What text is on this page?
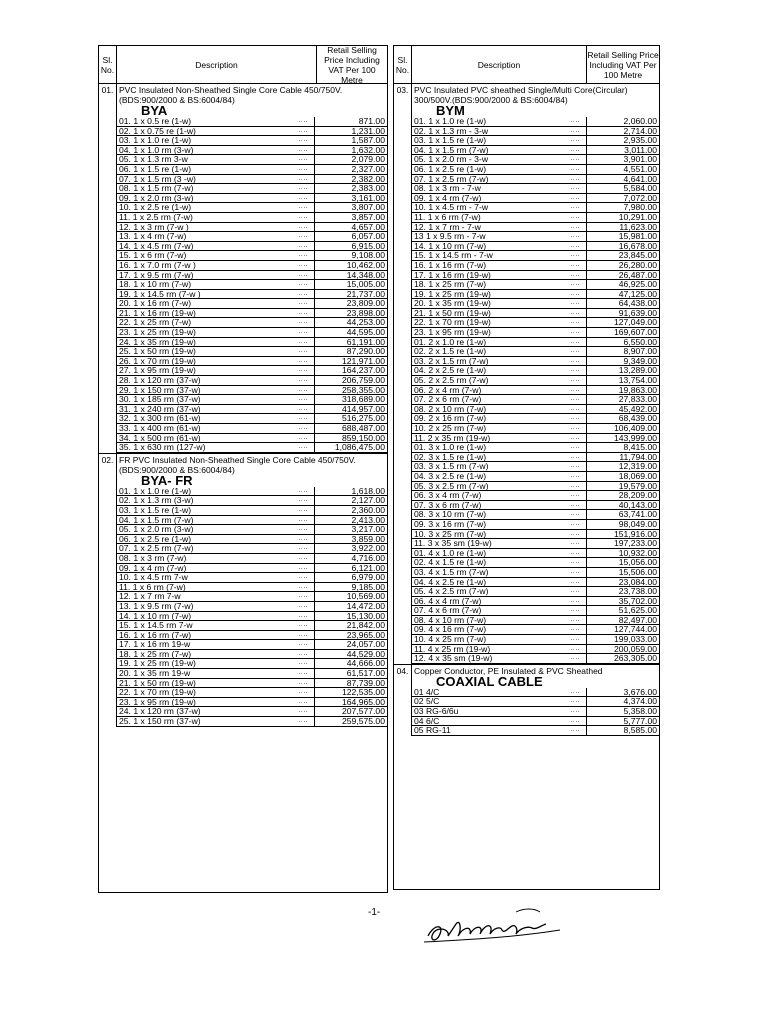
Sl. No.	Description
Retail Selling Price Including VAT Per 100 Metre
01. PVC Insulated Non-Sheathed Single Core Cable 450/750V. (BDS:900/2000 & BS:6004/84)
BYA
01. 1 x 0.5 re (1-w)	.. ..	871.00
02. 1 x 0.75 re (1-w)	.. ..	1,231.00
03. 1 x 1.0 re (1-w)	.. ..	1,587.00
04. 1 x 1.0 rm (3-w)	.. ..	1,632.00
05. 1 x 1.3 rm 3-w	.. ..	2,079.00
06. 1 x 1.5 re (1-w)	.. ..	2,327.00
07. 1 x 1.5 rm (3 -w)	.. ..	2,382.00
08. 1 x 1.5 rm (7-w)	.. ..	2,383.00
09. 1 x 2.0 rm (3-w)	.. ..	3,161.00
10. 1 x 2.5 re (1-w)	.. ..	3,807.00
11. 1 x 2.5 rm (7-w)	.. ..	3,857.00
12. 1 x 3 rm (7-w )	.. ..	4,657.00
13. 1 x 4 rm (7-w)	.. ..	6,057.00
14. 1 x 4.5 rm (7-w)	.. ..	6,915.00
15. 1 x 6 rm (7-w)	.. ..	9,108.00
16. 1 x 7.0 rm (7-w )	.. ..	10,462.00
17. 1 x 9.5 rm (7-w)	.. ..	14,348.00
18. 1 x 10 rm (7-w)	.. ..	15,005.00
19. 1 x 14.5 rm (7-w )	.. ..	21,737.00
20. 1 x 16 rm (7-w)	.. ..	23,809.00
21. 1 x 16 rm (19-w)	.. ..	23,898.00
22. 1 x 25 rm (7-w)	.. ..	44,253.00
23. 1 x 25 rm (19-w)	.. ..	44,595.00
24. 1 x 35 rm (19-w)	.. ..	61,191.00
25. 1 x 50 rm (19-w)	.. ..	87,290.00
26. 1 x 70 rm (19-w)	.. ..	121,971.00
27. 1 x 95 rm (19-w)	.. ..	164,237.00
28. 1 x 120 rm (37-w)	.. ..	206,759.00
29. 1 x 150 rm (37-w)	.. ..	258,355.00
30. 1 x 185 rm (37-w)	.. ..	318,689.00
31. 1 x 240 rm (37-w)	.. ..	414,957.00
32. 1 x 300 rm (61-w)	.. ..	516,275.00
33. 1 x 400 rm (61-w)	.. ..	688,487.00
34. 1 x 500 rm (61-w)	.. ..	859,150.00
35. 1 x 630 rm (127-w)	.. ..	1,086,475.00
02. FR PVC Insulated Non-Sheathed Single Core Cable 450/750V. (BDS:900/2000 & BS:6004/84)
BYA- FR
01. 1 x 1.0 re (1-w)	.. ..	1,618.00
02. 1 x 1.3 rm (3-w)	.. ..	2,127.00
03. 1 x 1.5 re (1-w)	.. ..	2,360.00
04. 1 x 1.5 rm (7-w)	.. ..	2,413.00
05. 1 x 2.0 rm (3-w)	.. ..	3,217.00
06. 1 x 2.5 re (1-w)	.. ..	3,859.00
07. 1 x 2.5 rm (7-w)	.. ..	3,922.00
08. 1 x 3 rm (7-w)	.. ..	4,716.00
09. 1 x 4 rm (7-w)	.. ..	6,121.00
10. 1 x 4.5 rm 7-w	.. ..	6,979.00
11. 1 x 6 rm (7-w)	.. ..	9,185.00
12. 1 x 7 rm 7-w	.. ..	10,569.00
13. 1 x 9.5 rm (7-w)	.. ..	14,472.00
14. 1 x 10 rm (7-w)	.. ..	15,130.00
15. 1 x 14.5 rm 7-w	.. ..	21,842.00
16. 1 x 16 rm (7-w)	.. ..	23,965.00
17. 1 x 16 rm 19-w	.. ..	24,057.00
18. 1 x 25 rm (7-w)	.. ..	44,529.00
19. 1 x 25 rm (19-w)	.. ..	44,666.00
20. 1 x 35 rm 19-w	.. ..	61,517.00
21. 1 x 50 rm (19-w)	.. ..	87,739.00
22. 1 x 70 rm (19-w)	.. ..	122,535.00
23. 1 x 95 rm (19-w)	.. ..	164,965.00
24. 1 x 120 rm (37-w)	.. ..	207,577.00
25. 1 x 150 rm (37-w)	.. ..	259,575.00
Sl. No.	Description
Retail Selling Price Including VAT Per 100 Metre
03. PVC Insulated PVC sheathed Single/Multi Core(Circular) 300/500V.(BDS:900/2000 & BS:6004/84)
BYM
01. 1 x 1.0 re (1-w)	.. ..	2,060.00
02. 1 x 1.3 rm - 3-w	.. ..	2,714.00
03. 1 x 1.5 re (1-w)	.. ..	2,935.00
04. 1 x 1.5 rm (7-w)	.. ..	3,011.00
05. 1 x 2.0 rm - 3-w	.. ..	3,901.00
06. 1 x 2.5 re (1-w)	.. ..	4,551.00
07. 1 x 2.5 rm (7-w)	.. ..	4,641.00
08. 1 x 3 rm - 7-w	.. ..	5,584.00
09. 1 x 4 rm (7-w)	.. ..	7,072.00
10. 1 x 4.5 rm - 7-w	.. ..	7,980.00
11. 1 x 6 rm (7-w)	.. ..	10,291.00
12. 1 x 7 rm - 7-w	.. ..	11,623.00
13 1 x 9.5 rm - 7-w	.. ..	15,981.00
14. 1 x 10 rm (7-w)	.. ..	16,678.00
15. 1 x 14.5 rm - 7-w	.. ..	23,845.00
16. 1 x 16 rm (7-w)	.. ..	26,280.00
17. 1 x 16 rm (19-w)	.. ..	26,487.00
18. 1 x 25 rm (7-w)	.. ..	46,925.00
19. 1 x 25 rm (19-w)	.. ..	47,125.00
20. 1 x 35 rm (19-w)	.. ..	64,438.00
21. 1 x 50 rm (19-w)	.. ..	91,639.00
22. 1 x 70 rm (19-w)	.. ..	127,049.00
23. 1 x 95 rm (19-w)	.. ..	169,607.00
01. 2 x 1.0 re (1-w)	.. ..	6,550.00
02. 2 x 1.5 re (1-w)	.. ..	8,907.00
03. 2 x 1.5 rm (7-w)	.. ..	9,349.00
04. 2 x 2.5 re (1-w)	.. ..	13,289.00
05. 2 x 2.5 rm (7-w)	.. ..	13,754.00
06. 2 x 4 rm (7-w)	.. ..	19,863.00
07. 2 x 6 rm (7-w)	.. ..	27,833.00
08. 2 x 10 rm (7-w)	.. ..	45,492.00
09. 2 x 16 rm (7-w)	.. ..	68,439.00
10. 2 x 25 rm (7-w)	.. ..	106,409.00
11. 2 x 35 rm (19-w)	.. ..	143,999.00
01. 3 x 1.0 re (1-w)	.. ..	8,415.00
02. 3 x 1.5 re (1-w)	.. ..	11,794.00
03. 3 x 1.5 rm (7-w)	.. ..	12,319.00
04. 3 x 2.5 re (1-w)	.. ..	18,069.00
05. 3 x 2.5 rm (7-w)	.. ..	19,579.00
06. 3 x 4 rm (7-w)	.. ..	28,209.00
07. 3 x 6 rm (7-w)	.. ..	40,143.00
08. 3 x 10 rm (7-w)	.. ..	63,741.00
09. 3 x 16 rm (7-w)	.. ..	98,049.00
10. 3 x 25 rm (7-w)	.. ..	151,916.00
11. 3 x 35 sm (19-w)	.. ..	197,233.00
01. 4 x 1.0 re (1-w)	.. ..	10,932.00
02. 4 x 1.5 re (1-w)	.. ..	15,056.00
03. 4 x 1.5 rm (7-w)	.. ..	15,506.00
04. 4 x 2.5 re (1-w)	.. ..	23,084.00
05. 4 x 2.5 rm (7-w)	.. ..	23,738.00
06. 4 x 4 rm (7-w)	.. ..	35,702.00
07. 4 x 6 rm (7-w)	.. ..	51,625.00
08. 4 x 10 rm (7-w)	.. ..	82,497.00
09. 4 x 16 rm (7-w)	.. ..	127,744.00
10. 4 x 25 rm (7-w)	.. ..	199,033.00
11. 4 x 25 rm (19-w)	.. ..	200,059.00
12. 4 x 35 sm (19-w)	.. ..	263,305.00
04. Copper Conductor, PE Insulated & PVC Sheathed
COAXIAL CABLE
01 4/C	.. ..	3,676.00
02 5/C	.. ..	4,374.00
03 RG-6/6u	.. ..	5,358.00
04 6/C	.. ..	5,777.00
05 RG-11	.. ..	8,585.00
-1-
